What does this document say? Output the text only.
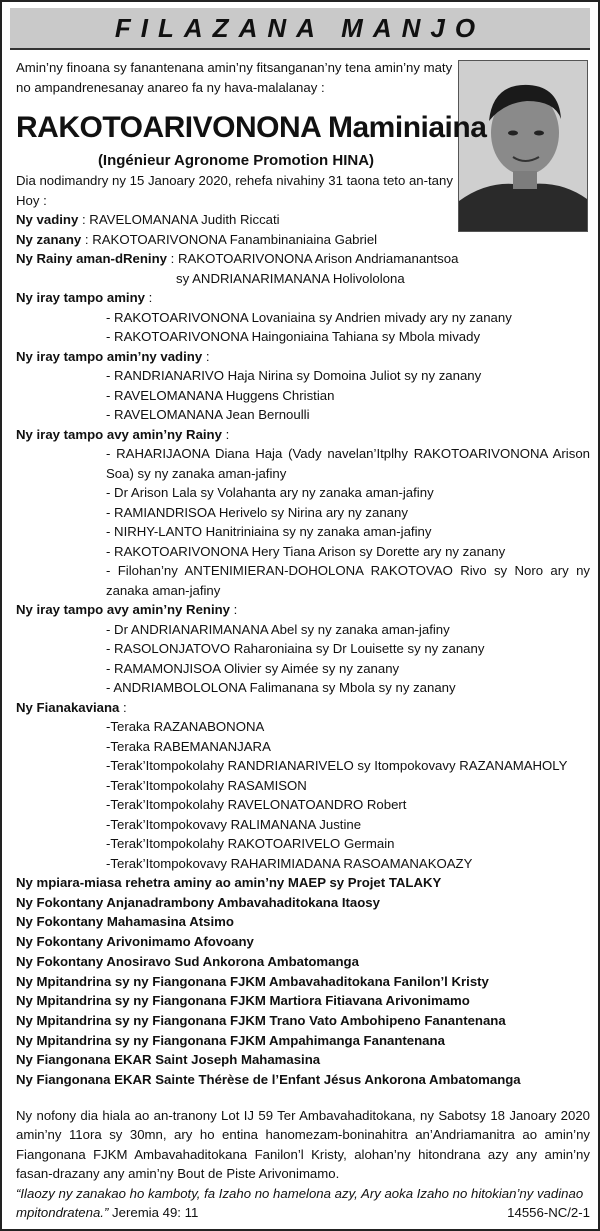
FILAZANA MANJO
Amin’ny finoana sy fanantenana amin’ny fitsanganan’ny tena amin’ny maty no ampandrenesanay anareo fa ny hava-malalanay :
RAKOTOARIVONONA Maminiaina
(Ingénieur Agronome Promotion HINA)
Dia nodimandry ny 15 Janoary 2020, rehefa nivahiny 31 taona teto an-tany Hoy :
Ny vadiny : RAVELOMANANA Judith Riccati
Ny zanany : RAKOTOARIVONONA Fanambinaniaina Gabriel
Ny Rainy aman-dReniny : RAKOTOARIVONONA Arison Andriamanantsoa
sy ANDRIANARIMANANA Holivololona
Ny iray tampo aminy :
- RAKOTOARIVONONA Lovaniaina sy Andrien mivady ary ny zanany
- RAKOTOARIVONONA Haingoniaina Tahiana sy Mbola mivady
Ny iray tampo amin’ny vadiny :
- RANDRIANARIVO Haja Nirina sy Domoina Juliot sy ny zanany
- RAVELOMANANA Huggens Christian
- RAVELOMANANA Jean Bernoulli
Ny iray tampo avy amin’ny Rainy :
- RAHARIJAONA Diana Haja (Vady navelan’Itplhy RAKOTOARIVONONA Arison Soa) sy ny zanaka aman-jafiny
- Dr Arison Lala sy Volahanta ary ny zanaka aman-jafiny
- RAMIANDRISOA Herivelo sy Nirina ary ny zanany
- NIRHY-LANTO Hanitriniaina sy ny zanaka aman-jafiny
- RAKOTOARIVONONA Hery Tiana Arison sy Dorette ary ny zanany
- Filohan’ny ANTENIMIERAN-DOHOLONA RAKOTOVAO Rivo sy Noro ary ny zanaka aman-jafiny
Ny iray tampo avy amin’ny Reniny :
- Dr ANDRIANARIMANANA Abel sy ny zanaka aman-jafiny
- RASOLONJATOVO Raharoniaina sy Dr Louisette sy ny zanany
- RAMAMONJISOA Olivier sy Aimée sy ny zanany
- ANDRIAMBOLOLONA Falimanana sy Mbola sy ny zanany
Ny Fianakaviana :
-Teraka RAZANABONONA
-Teraka RABEMANANJARA
-Terak’Itompokolahy RANDRIANARIVELO sy Itompokovavy RAZANAMAHOLY
-Terak’Itompokolahy RASAMISON
-Terak’Itompokolahy RAVELONATOANDRO Robert
-Terak’Itompokovavy RALIMANANA Justine
-Terak’Itompokolahy RAKOTOARIVELO Germain
-Terak’Itompokovavy RAHARIMIADANA RASOAMANAKOAZY
Ny mpiara-miasa rehetra aminy ao amin’ny MAEP sy Projet TALAKY
Ny Fokontany Anjanadrambony Ambavahaditokana Itaosy
Ny Fokontany Mahamasina Atsimo
Ny Fokontany Arivonimamo Afovoany
Ny Fokontany Anosiravo Sud Ankorona Ambatomanga
Ny Mpitandrina sy ny Fiangonana FJKM Ambavahaditokana Fanilon’l Kristy
Ny Mpitandrina sy ny Fiangonana FJKM Martiora Fitiavana Arivonimamo
Ny Mpitandrina sy ny Fiangonana FJKM Trano Vato Ambohipeno Fanantenana
Ny Mpitandrina sy ny Fiangonana FJKM Ampahimanga Fanantenana
Ny Fiangonana EKAR Saint Joseph Mahamasina
Ny Fiangonana EKAR Sainte Thérèse de l’Enfant Jésus Ankorona Ambatomanga
Ny nofony dia hiala ao an-tranony Lot IJ 59 Ter Ambavahaditokana, ny Sabotsy 18 Janoary 2020 amin’ny 11ora sy 30mn, ary ho entina hanomezam-boninahitra an’Andriamanitra ao amin’ny Fiangonana FJKM Ambavahaditokana Fanilon’l Kristy, alohan’ny hitondrana azy any amin’ny fasan-drazany any amin’ny Bout de Piste Arivonimamo.
“Ilaozy ny zanakao ho kamboty, fa Izaho no hamelona azy, Ary aoka Izaho no hitokian’ny vadinao mpitondratena.” Jeremia 49: 11	14556-NC/2-1
